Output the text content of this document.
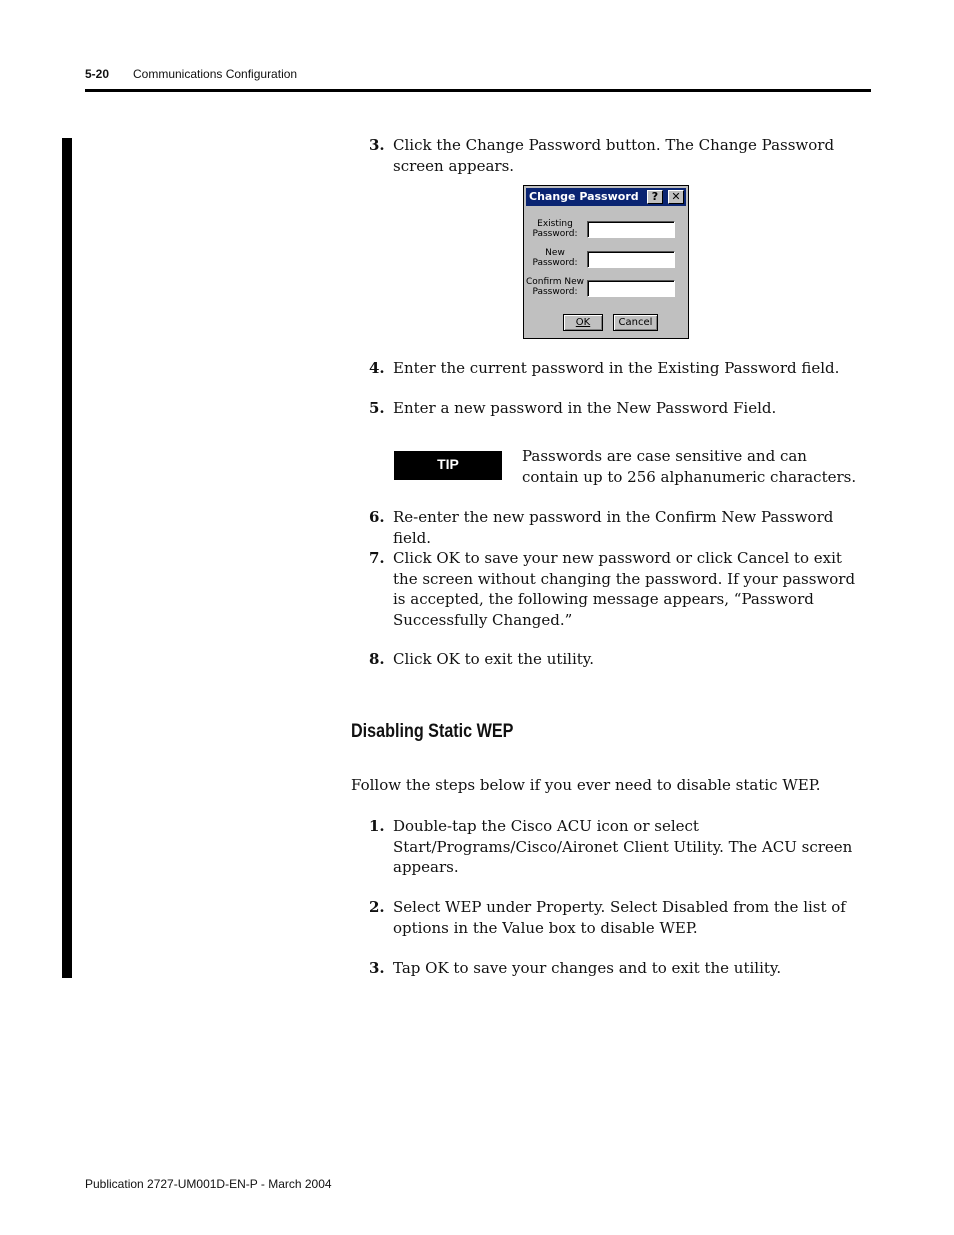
5-20 Communications Configuration
3. Click the Change Password button. The Change Password screen appears.
Change Password	?	✕
Existing
Password:
New
Password:
Confirm New
Password:
OK	Cancel
4. Enter the current password in the Existing Password field.
5. Enter a new password in the New Password Field.
TIP	Passwords are case sensitive and can contain up to 256 alphanumeric characters.
6. Re-enter the new password in the Confirm New Password field.
7. Click OK to save your new password or click Cancel to exit the screen without changing the password. If your password is accepted, the following message appears, “Password Successfully Changed.”
8. Click OK to exit the utility.
Disabling Static WEP
Follow the steps below if you ever need to disable static WEP.
1. Double-tap the Cisco ACU icon or select Start/Programs/Cisco/Aironet Client Utility. The ACU screen appears.
2. Select WEP under Property. Select Disabled from the list of options in the Value box to disable WEP.
3. Tap OK to save your changes and to exit the utility.
Publication 2727-UM001D-EN-P - March 2004
